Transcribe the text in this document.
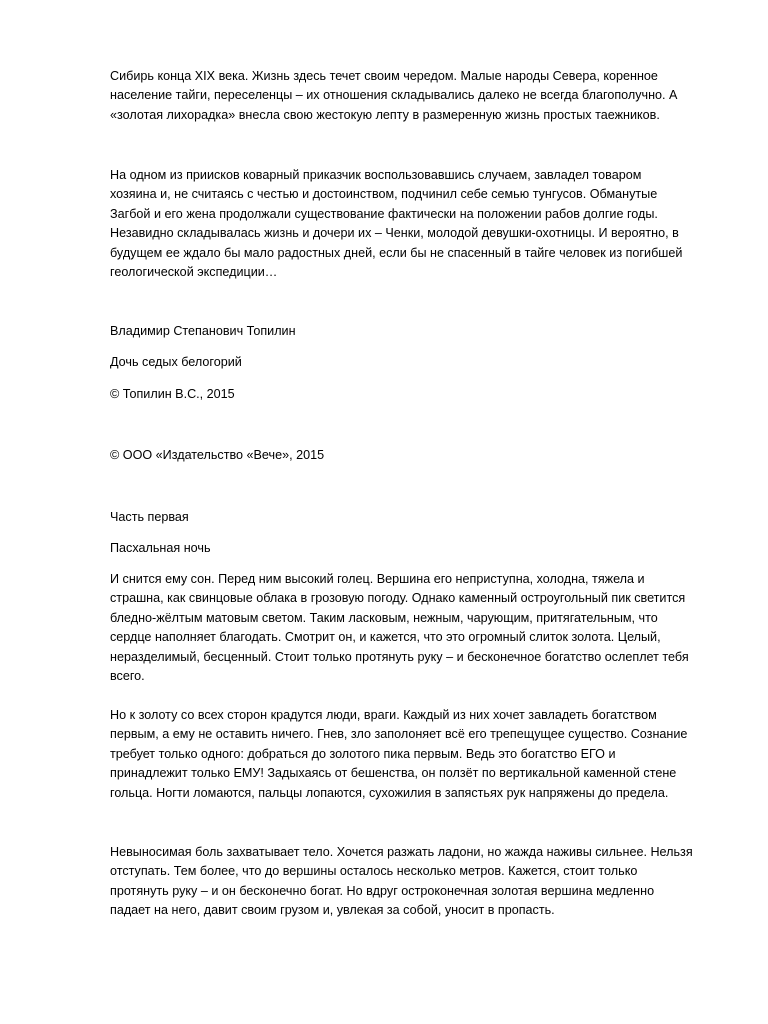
Сибирь конца XIX века. Жизнь здесь течет своим чередом. Малые народы Севера, коренное
население тайги, переселенцы – их отношения складывались далеко не всегда благополучно. А
«золотая лихорадка» внесла свою жестокую лепту в размеренную жизнь простых таежников.

На одном из приисков коварный приказчик воспользовавшись случаем, завладел товаром
хозяина и, не считаясь с честью и достоинством, подчинил себе семью тунгусов. Обманутые
Загбой и его жена продолжали существование фактически на положении рабов долгие годы.
Незавидно складывалась жизнь и дочери их – Ченки, молодой девушки-охотницы. И вероятно, в
будущем ее ждало бы мало радостных дней, если бы не спасенный в тайге человек из погибшей
геологической экспедиции…

Владимир Степанович Топилин

Дочь седых белогорий

© Топилин В.С., 2015

© ООО «Издательство «Вече», 2015

Часть первая

Пасхальная ночь

И снится ему сон. Перед ним высокий голец. Вершина его неприступна, холодна, тяжела и
страшна, как свинцовые облака в грозовую погоду. Однако каменный остроугольный пик светится
бледно-жёлтым матовым светом. Таким ласковым, нежным, чарующим, притягательным, что
сердце наполняет благодать. Смотрит он, и кажется, что это огромный слиток золота. Целый,
неразделимый, бесценный. Стоит только протянуть руку – и бесконечное богатство ослеплет тебя
всего.

Но к золоту со всех сторон крадутся люди, враги. Каждый из них хочет завладеть богатством
первым, а ему не оставить ничего. Гнев, зло заполоняет всё его трепещущее существо. Сознание
требует только одного: добраться до золотого пика первым. Ведь это богатство ЕГО и
принадлежит только ЕМУ! Задыхаясь от бешенства, он ползёт по вертикальной каменной стене
гольца. Ногти ломаются, пальцы лопаются, сухожилия в запястьях рук напряжены до предела.

Невыносимая боль захватывает тело. Хочется разжать ладони, но жажда наживы сильнее. Нельзя
отступать. Тем более, что до вершины осталось несколько метров. Кажется, стоит только
протянуть руку – и он бесконечно богат. Но вдруг остроконечная золотая вершина медленно
падает на него, давит своим грузом и, увлекая за собой, уносит в пропасть.
